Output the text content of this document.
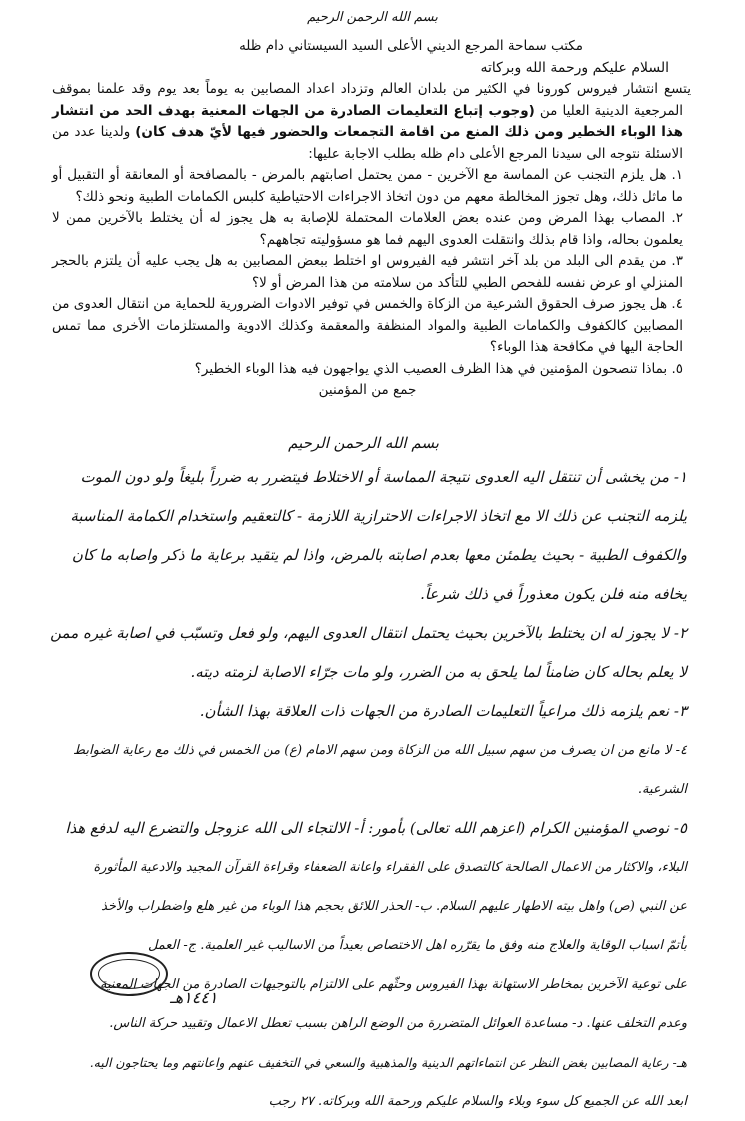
بسم الله الرحمن الرحيم

مكتب سماحة المرجع الديني الأعلى السيد السيستاني دام ظله

السلام عليكم ورحمة الله وبركاته

يتسع انتشار فيروس كورونا في الكثير من بلدان العالم وتزداد اعداد المصابين به يوماً بعد يوم وقد علمنا بموقف المرجعية الدينية العليا من (وجوب إتباع التعليمات الصادرة من الجهات المعنية بهدف الحد من انتشار هذا الوباء الخطير ومن ذلك المنع من اقامة التجمعات والحضور فيها لأيّ هدف كان) ولدينا عدد من الاسئلة نتوجه الى سيدنا المرجع الأعلى دام ظله بطلب الاجابة عليها:

١. هل يلزم التجنب عن المماسة مع الآخرين - ممن يحتمل اصابتهم بالمرض - بالمصافحة أو المعانقة أو التقبيل أو ما ماثل ذلك، وهل تجوز المخالطة معهم من دون اتخاذ الاجراءات الاحتياطية كلبس الكمامات الطبية ونحو ذلك؟

٢. المصاب بهذا المرض ومن عنده بعض العلامات المحتملة للإصابة به هل يجوز له أن يختلط بالآخرين ممن لا يعلمون بحاله، واذا قام بذلك وانتقلت العدوى اليهم فما هو مسؤوليته تجاههم؟

٣. من يقدم الى البلد من بلد آخر انتشر فيه الفيروس او اختلط ببعض المصابين به هل يجب عليه أن يلتزم بالحجر المنزلي او عرض نفسه للفحص الطبي للتأكد من سلامته من هذا المرض أو لا؟

٤. هل يجوز صرف الحقوق الشرعية من الزكاة والخمس في توفير الادوات الضرورية للحماية من انتقال العدوى من المصابين كالكفوف والكمامات الطبية والمواد المنظفة والمعقمة وكذلك الادوية والمستلزمات الأخرى مما تمس الحاجة اليها في مكافحة هذا الوباء؟

٥. بماذا تنصحون المؤمنين في هذا الظرف العصيب الذي يواجهون فيه هذا الوباء الخطير؟

جمع من المؤمنين

بسم الله الرحمن الرحيم

١- من يخشى أن تنتقل اليه العدوى نتيجة المماسة أو الاختلاط فيتضرر به ضرراً بليغاً ولو دون الموت

يلزمه التجنب عن ذلك الا مع اتخاذ الاجراءات الاحترازية اللازمة - كالتعقيم واستخدام الكمامة المناسبة

والكفوف الطبية - بحيث يطمئن معها بعدم اصابته بالمرض، واذا لم يتقيد برعاية ما ذكر واصابه ما كان

يخافه منه فلن يكون معذوراً في ذلك شرعاً.

٢- لا يجوز له ان يختلط بالآخرين بحيث يحتمل انتقال العدوى اليهم، ولو فعل وتسبّب في اصابة غيره ممن

لا يعلم بحاله كان ضامناً لما يلحق به من الضرر، ولو مات جرّاء الاصابة لزمته ديته.

٣- نعم يلزمه ذلك مراعياً التعليمات الصادرة من الجهات ذات العلاقة بهذا الشأن.

٤- لا مانع من ان يصرف من سهم سبيل الله من الزكاة ومن سهم الامام (ع) من الخمس في ذلك مع رعاية الضوابط الشرعية.

٥- نوصي المؤمنين الكرام (اعزهم الله تعالى) بأمور: أ- الالتجاء الى الله عزوجل والتضرع اليه لدفع هذا

البلاء، والاكثار من الاعمال الصالحة كالتصدق على الفقراء واعانة الضعفاء وقراءة القرآن المجيد والادعية المأثورة

عن النبي (ص) واهل بيته الاطهار عليهم السلام. ب- الحذر اللائق بحجم هذا الوباء من غير هلع واضطراب والأخذ

بأتمّ اسباب الوقاية والعلاج منه وفق ما يقرّره اهل الاختصاص بعيداً من الاساليب غير العلمية. ج- العمل

على توعية الآخرين بمخاطر الاستهانة بهذا الفيروس وحثّهم على الالتزام بالتوجيهات الصادرة من الجهات المعنية

وعدم التخلف عنها. د- مساعدة العوائل المتضررة من الوضع الراهن بسبب تعطل الاعمال وتقييد حركة الناس.

هـ- رعاية المصابين بغض النظر عن انتماءاتهم الدينية والمذهبية والسعي في التخفيف عنهم واعانتهم وما يحتاجون اليه.

ابعد الله عن الجميع كل سوء وبلاء والسلام عليكم ورحمة الله وبركاته. ٢٧ رجب

١٤٤١هـ
